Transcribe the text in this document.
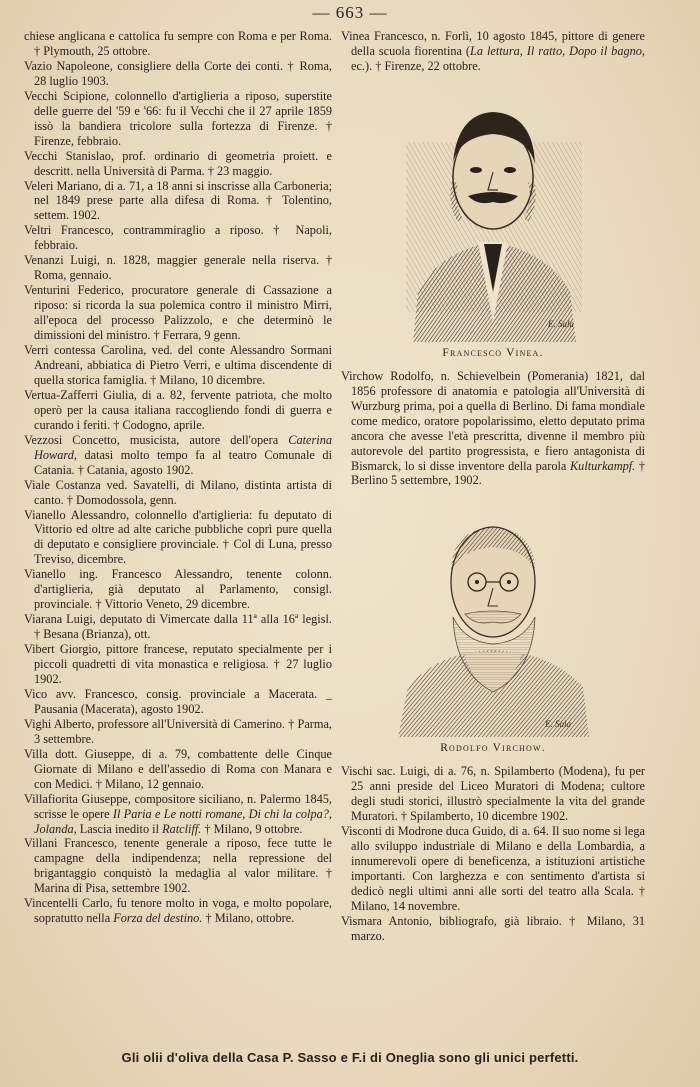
— 663 —

chiese anglicana e cattolica fu sempre con Roma e per Roma. † Plymouth, 25 ottobre.

Vazio Napoleone, consigliere della Corte dei conti. † Roma, 28 luglio 1903.

Vecchi Scipione, colonnello d'artiglieria a riposo, superstite delle guerre del '59 e '66: fu il Vecchi che il 27 aprile 1859 issò la bandiera tricolore sulla fortezza di Firenze. † Firenze, febbraio.

Vecchi Stanislao, prof. ordinario di geometria proiett. e descritt. nella Università di Parma. † 23 maggio.

Veleri Mariano, di a. 71, a 18 anni si inscrisse alla Carboneria; nel 1849 prese parte alla difesa di Roma. † Tolentino, settem. 1902.

Veltri Francesco, contrammiraglio a riposo. † Napoli, febbraio.

Venanzi Luigi, n. 1828, maggier generale nella riserva. † Roma, gennaio.

Venturini Federico, procuratore generale di Cassazione a riposo: si ricorda la sua polemica contro il ministro Mirri, all'epoca del processo Palizzolo, e che determinò le dimissioni del ministro. † Ferrara, 9 genn.

Verri contessa Carolina, ved. del conte Alessandro Sormani Andreani, abbiatica di Pietro Verri, e ultima discendente di quella storica famiglia. † Milano, 10 dicembre.

Vertua-Zafferri Giulia, di a. 82, fervente patriota, che molto operò per la causa italiana raccogliendo fondi di guerra e curando i feriti. † Codogno, aprile.

Vezzosi Concetto, musicista, autore dell'opera Caterina Howard, datasi molto tempo fa al teatro Comunale di Catania. † Catania, agosto 1902.

Viale Costanza ved. Savatelli, di Milano, distinta artista di canto. † Domodossola, genn.

Vianello Alessandro, colonnello d'artiglieria: fu deputato di Vittorio ed oltre ad alte cariche pubbliche coprì pure quella di deputato e consigliere provinciale. † Col di Luna, presso Treviso, dicembre.

Vianello ing. Francesco Alessandro, tenente colonn. d'artiglieria, già deputato al Parlamento, consigl. provinciale. † Vittorio Veneto, 29 dicembre.

Viarana Luigi, deputato di Vimercate dalla 11ª alla 16ª legisl. † Besana (Brianza), ott.

Vibert Giorgio, pittore francese, reputato specialmente per i piccoli quadretti di vita monastica e religiosa. † 27 luglio 1902.

Vico avv. Francesco, consig. provinciale a Macerata. _ Pausania (Macerata), agosto 1902.

Vighi Alberto, professore all'Università di Camerino. † Parma, 3 settembre.

Villa dott. Giuseppe, di a. 79, combattente delle Cinque Giornate di Milano e dell'assedio di Roma con Manara e con Medici. † Milano, 12 gennaio.

Villafiorita Giuseppe, compositore siciliano, n. Palermo 1845, scrisse le opere Il Paria e Le notti romane, Di chi la colpa?, Jolanda, Lascia inedito il Ratcliff. † Milano, 9 ottobre.

Villani Francesco, tenente generale a riposo, fece tutte le campagne della indipendenza; nella repressione del brigantaggio conquistò la medaglia al valor militare. † Marina di Pisa, settembre 1902.

Vincentelli Carlo, fu tenore molto in voga, e molto popolare, sopratutto nella Forza del destino. † Milano, ottobre.

Vinea Francesco, n. Forlì, 10 agosto 1845, pittore di genere della scuola fiorentina (La lettura, Il ratto, Dopo il bagno, ec.). † Firenze, 22 ottobre.

E. Sala
Francesco Vinea.

Virchow Rodolfo, n. Schievelbein (Pomerania) 1821, dal 1856 professore di anatomia e patologia all'Università di Wurzburg prima, poi a quella di Berlino. Di fama mondiale come medico, oratore popolarissimo, eletto deputato prima ancora che avesse l'età prescritta, divenne il membro più autorevole del partito progressista, e fiero antagonista di Bismarck, lo si disse inventore della parola Kulturkampf. † Berlino 5 settembre, 1902.

E. Sala
Rodolfo Virchow.

Vischi sac. Luigi, di a. 76, n. Spilamberto (Modena), fu per 25 anni preside del Liceo Muratori di Modena; cultore degli studi storici, illustrò specialmente la vita del grande Muratori. † Spilamberto, 10 dicembre 1902.

Visconti di Modrone duca Guido, di a. 64. Il suo nome si lega allo sviluppo industriale di Milano e della Lombardia, a innumerevoli opere di beneficenza, a istituzioni artistiche importanti. Con larghezza e con sentimento d'artista si dedicò negli ultimi anni alle sorti del teatro alla Scala. † Milano, 14 novembre.

Vismara Antonio, bibliografo, già libraio. † Milano, 31 marzo.

Gli olii d'oliva della Casa P. Sasso e F.i di Oneglia sono gli unici perfetti.
